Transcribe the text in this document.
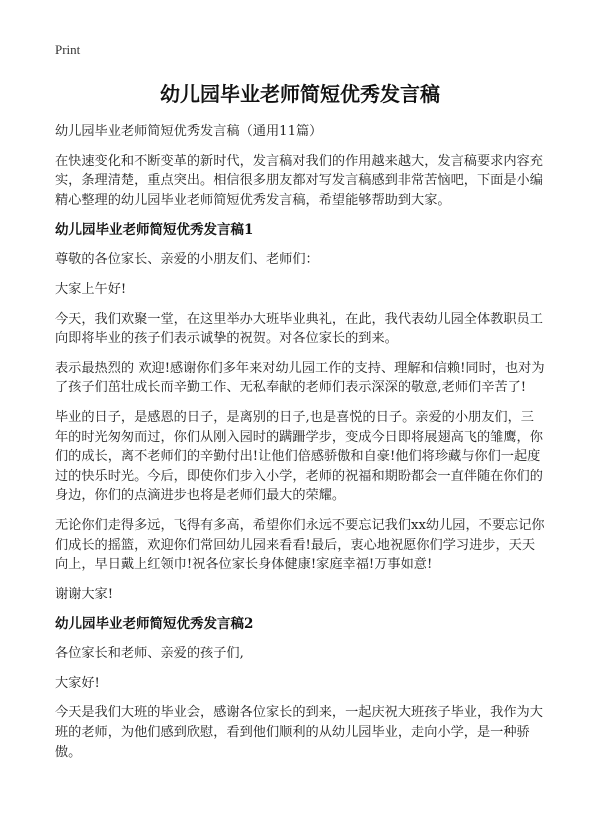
Print
幼儿园毕业老师简短优秀发言稿

幼儿园毕业老师简短优秀发言稿（通用11篇）

在快速变化和不断变革的新时代，发言稿对我们的作用越来越大，发言稿要求内容充实，条理清楚，重点突出。相信很多朋友都对写发言稿感到非常苦恼吧，下面是小编精心整理的幼儿园毕业老师简短优秀发言稿，希望能够帮助到大家。

幼儿园毕业老师简短优秀发言稿1

尊敬的各位家长、亲爱的小朋友们、老师们：

大家上午好!

今天，我们欢聚一堂，在这里举办大班毕业典礼，在此，我代表幼儿园全体教职员工向即将毕业的孩子们表示诚挚的祝贺。对各位家长的到来。

表示最热烈的 欢迎!感谢你们多年来对幼儿园工作的支持、理解和信赖!同时，也对为了孩子们茁壮成长而辛勤工作、无私奉献的老师们表示深深的敬意,老师们辛苦了!

毕业的日子，是感恩的日子，是离别的日子,也是喜悦的日子。亲爱的小朋友们，三年的时光匆匆而过，你们从刚入园时的蹒跚学步，变成今日即将展翅高飞的雏鹰，你们的成长，离不老师们的辛勤付出!让他们倍感骄傲和自豪!他们将珍藏与你们一起度过的快乐时光。今后，即使你们步入小学，老师的祝福和期盼都会一直伴随在你们的身边，你们的点滴进步也将是老师们最大的荣耀。

无论你们走得多远，飞得有多高，希望你们永远不要忘记我们xx幼儿园，不要忘记你们成长的摇篮，欢迎你们常回幼儿园来看看!最后，衷心地祝愿你们学习进步，天天向上，早日戴上红领巾!祝各位家长身体健康!家庭幸福!万事如意!

谢谢大家!

幼儿园毕业老师简短优秀发言稿2

各位家长和老师、亲爱的孩子们,

大家好!

今天是我们大班的毕业会，感谢各位家长的到来，一起庆祝大班孩子毕业，我作为大班的老师，为他们感到欣慰，看到他们顺利的从幼儿园毕业，走向小学，是一种骄傲。
